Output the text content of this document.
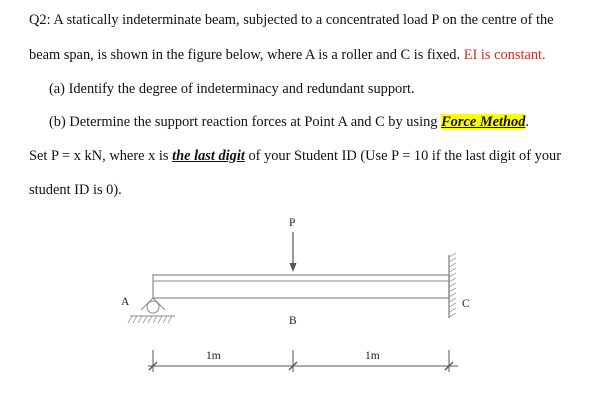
Q2: A statically indeterminate beam, subjected to a concentrated load P on the centre of the
beam span, is shown in the figure below, where A is a roller and C is fixed. EI is constant.
(a) Identify the degree of indeterminacy and redundant support.
(b) Determine the support reaction forces at Point A and C by using Force Method.
Set P = x kN, where x is the last digit of your Student ID (Use P = 10 if the last digit of your
student ID is 0).
P
A	C
B
1m	1m
